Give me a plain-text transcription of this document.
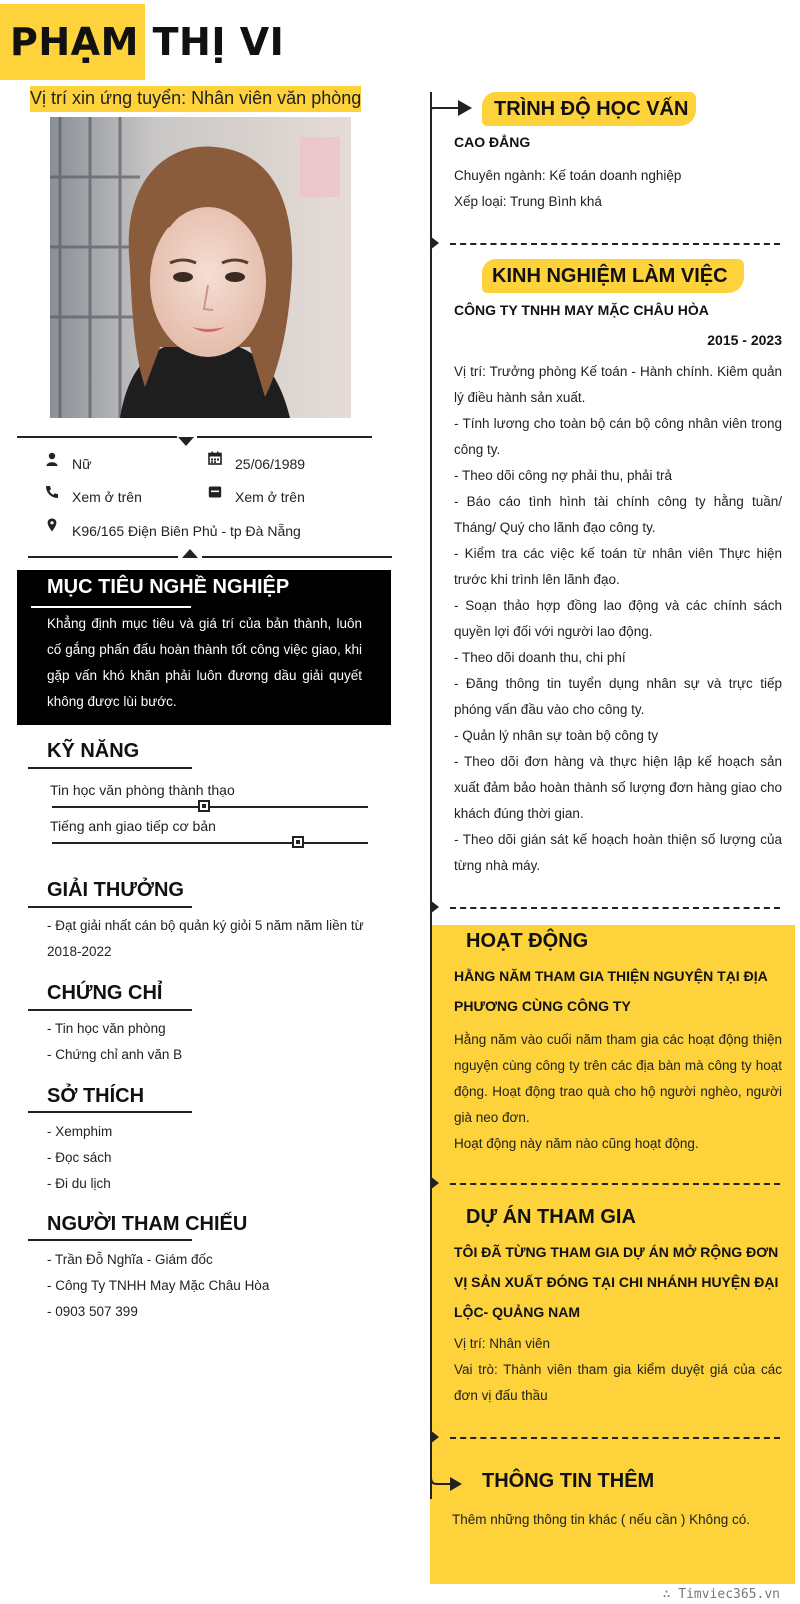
PHẠM THỊ VI
Vị trí xin ứng tuyển: Nhân viên văn phòng
Nữ	25/06/1989
Xem ở trên	Xem ở trên
K96/165 Điện Biên Phủ - tp Đà Nẵng
MỤC TIÊU NGHỀ NGHIỆP

Khẳng định mục tiêu và giá trí của bản thành, luôn cố gắng phấn đấu hoàn thành tốt công việc giao, khi gặp vấn khó khăn phải luôn đương dầu giải quyết không được lùi bước.

KỸ NĂNG
Tin học văn phòng thành thạo
Tiếng anh giao tiếp cơ bản
GIẢI THƯỞNG
- Đạt giải nhất cán bộ quản ký giỏi 5 năm năm liền từ 2018-2022
CHỨNG CHỈ
- Tin học văn phòng
- Chứng chỉ anh văn B
SỞ THÍCH
- Xemphim
- Đọc sách
- Đi du lịch
NGƯỜI THAM CHIẾU
- Trần Đỗ Nghĩa - Giám đốc
- Công Ty TNHH May Mặc Châu Hòa
- 0903 507 399
TRÌNH ĐỘ HỌC VẤN
CAO ĐẲNG
Chuyên ngành: Kế toán doanh nghiệp
Xếp loại: Trung Bình khá
KINH NGHIỆM LÀM VIỆC
CÔNG TY TNHH MAY MẶC CHÂU HÒA
2015 - 2023
Vị trí: Trưởng phòng Kế toán - Hành chính. Kiêm quản lý điều hành sản xuất.
- Tính lương cho toàn bộ cán bộ công nhân viên trong công ty.
- Theo dõi công nợ phải thu, phải trả
- Báo cáo tình hình tài chính công ty hằng tuần/ Tháng/ Quý cho lãnh đạo công ty.
- Kiểm tra các việc kế toán từ nhân viên Thực hiện trước khi trình lên lãnh đạo.
- Soạn thảo hợp đồng lao động và các chính sách quyền lợi đối với người lao động.
- Theo dõi doanh thu, chi phí
- Đăng thông tin tuyển dụng nhân sự và trực tiếp phóng vấn đầu vào cho công ty.
- Quản lý nhân sự toàn bộ công ty
- Theo dõi đơn hàng và thực hiện lập kế hoạch sản xuất đảm bảo hoàn thành số lượng đơn hàng giao cho khách đúng thời gian.
- Theo dõi gián sát kế hoạch hoàn thiện số lượng của từng nhà máy.
HOẠT ĐỘNG
HẰNG NĂM THAM GIA THIỆN NGUYỆN TẠI ĐỊA PHƯƠNG CÙNG CÔNG TY
Hằng năm vào cuối năm tham gia các hoạt động thiện nguyện cùng công ty trên các địa bàn mà công ty hoạt động. Hoạt động trao quà cho hộ người nghèo, người già neo đơn.
Hoạt động này năm nào cũng hoạt động.
DỰ ÁN THAM GIA
TÔI ĐÃ TỪNG THAM GIA DỰ ÁN MỞ RỘNG ĐƠN VỊ SẢN XUẤT ĐÓNG TẠI CHI NHÁNH HUYỆN ĐẠI LỘC- QUẢNG NAM
Vị trí: Nhân viên
Vai trò: Thành viên tham gia kiểm duyệt giá của các đơn vị đấu thầu
THÔNG TIN THÊM
Thêm những thông tin khác ( nếu cần ) Không có.
∴ Timviec365.vn
